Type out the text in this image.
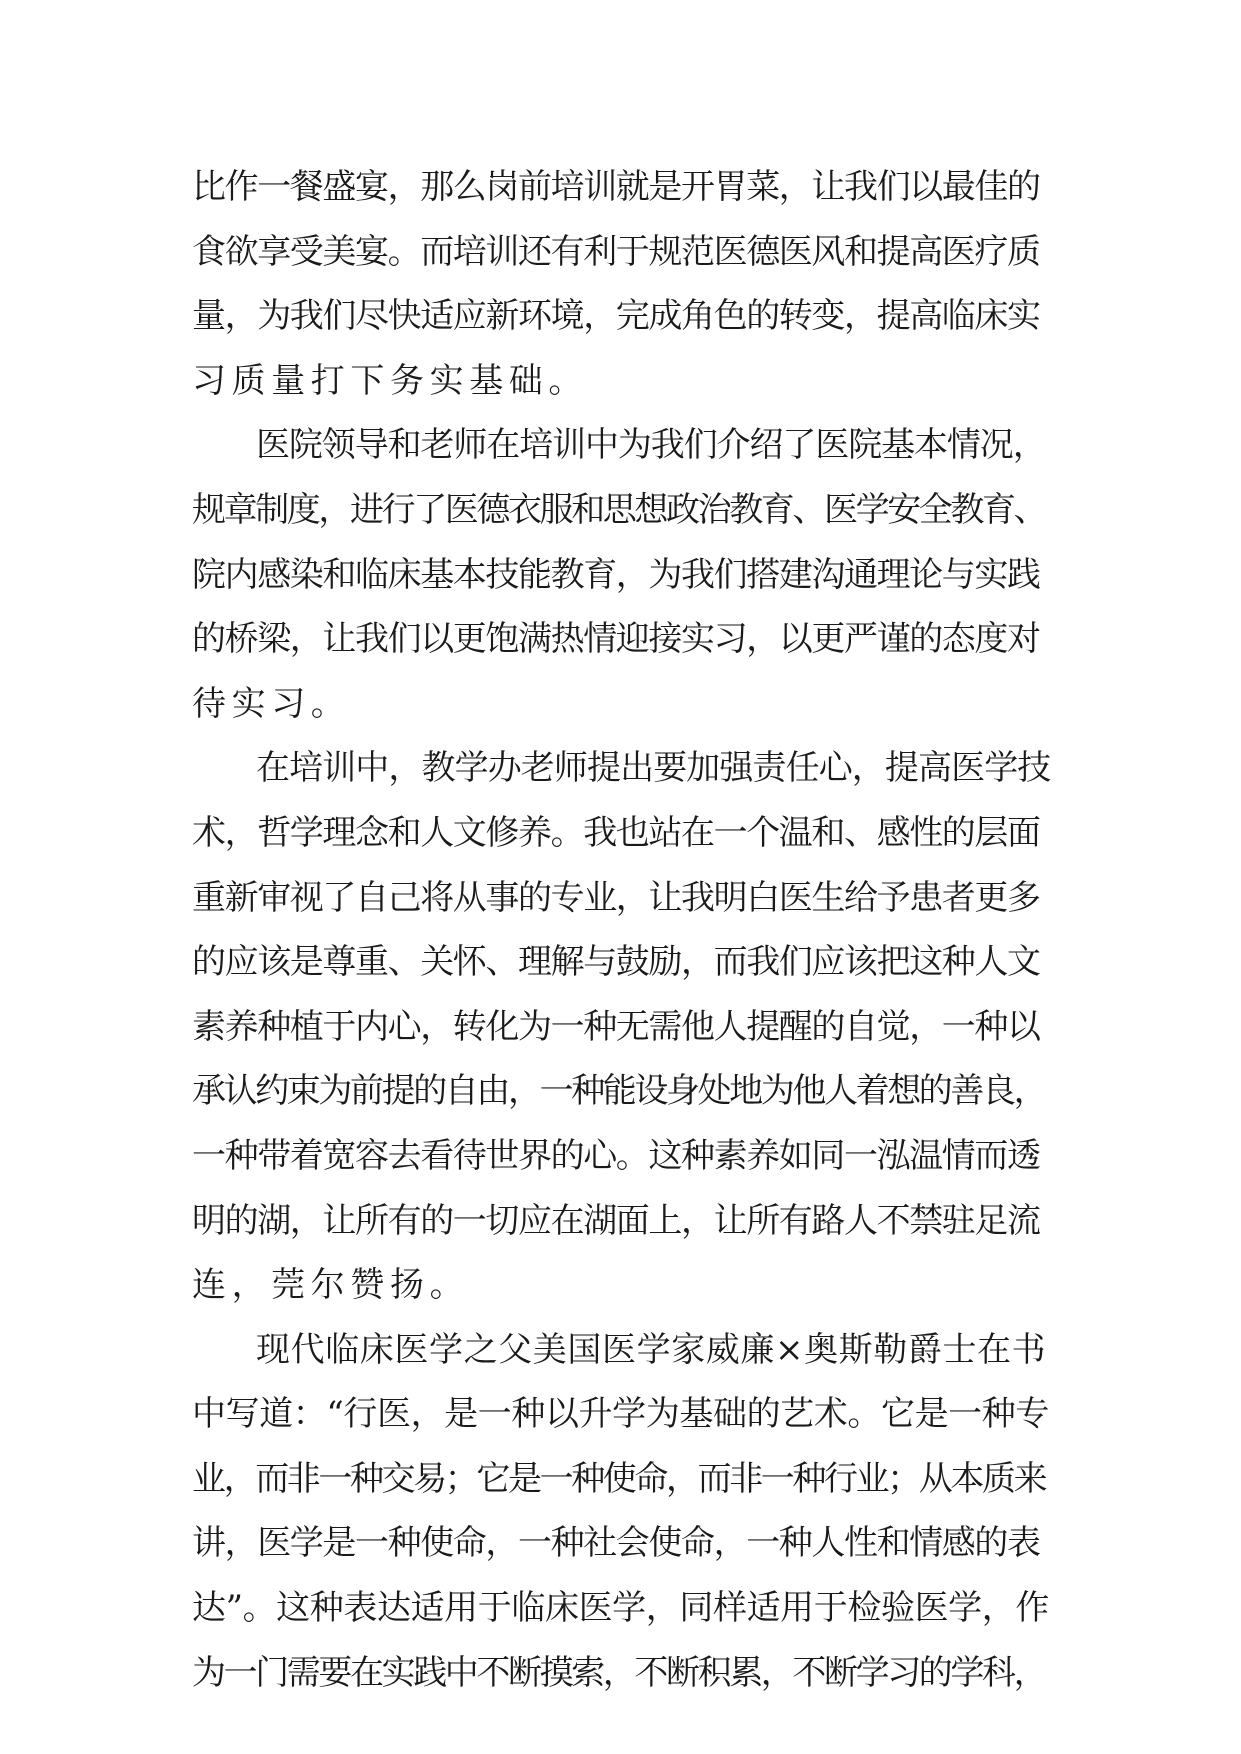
比作一餐盛宴，那么岗前培训就是开胃菜，让我们以最佳的
食欲享受美宴。而培训还有利于规范医德医风和提高医疗质
量，为我们尽快适应新环境，完成角色的转变，提高临床实
习质量打下务实基础。
医院领导和老师在培训中为我们介绍了医院基本情况，
规章制度，进行了医德衣服和思想政治教育、医学安全教育、
院内感染和临床基本技能教育，为我们搭建沟通理论与实践
的桥梁，让我们以更饱满热情迎接实习，以更严谨的态度对
待实习。
在培训中，教学办老师提出要加强责任心，提高医学技
术，哲学理念和人文修养。我也站在一个温和、感性的层面
重新审视了自己将从事的专业，让我明白医生给予患者更多
的应该是尊重、关怀、理解与鼓励，而我们应该把这种人文
素养种植于内心，转化为一种无需他人提醒的自觉，一种以
承认约束为前提的自由，一种能设身处地为他人着想的善良，
一种带着宽容去看待世界的心。这种素养如同一泓温情而透
明的湖，让所有的一切应在湖面上，让所有路人不禁驻足流
连，莞尔赞扬。
现代临床医学之父美国医学家威廉×奥斯勒爵士在书
中写道：“行医，是一种以升学为基础的艺术。它是一种专
业，而非一种交易；它是一种使命，而非一种行业；从本质来
讲，医学是一种使命，一种社会使命，一种人性和情感的表
达”。这种表达适用于临床医学，同样适用于检验医学，作
为一门需要在实践中不断摸索，不断积累，不断学习的学科，
